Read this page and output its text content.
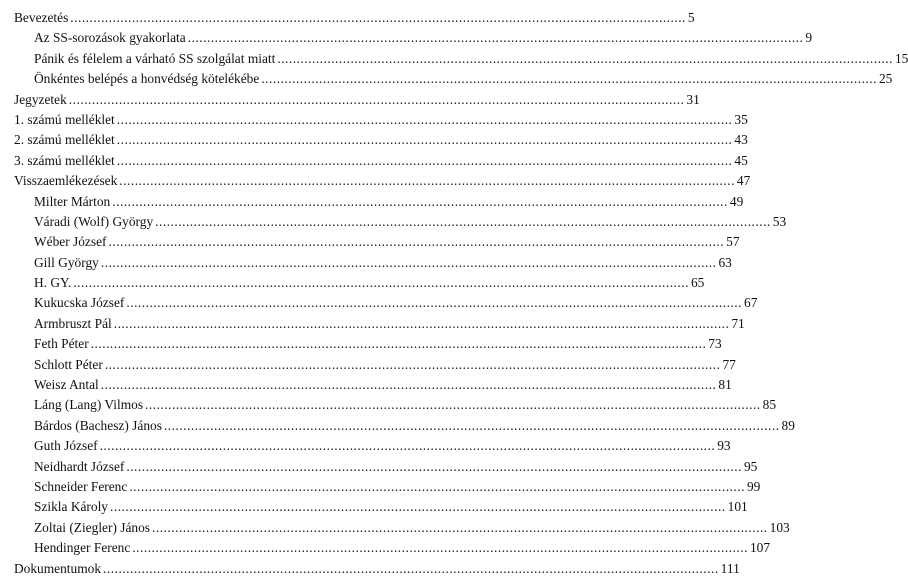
Bevezetés ................................................................................................................................................................ 5
Az SS-sorozások gyakorlata ................................................................................................................................................................ 9
Pánik és félelem a várható SS szolgálat miatt ................................................................................................................................................................ 15
Önkéntes belépés a honvédség kötelékébe ................................................................................................................................................................ 25
Jegyzetek ................................................................................................................................................................ 31
1. számú melléklet ................................................................................................................................................................ 35
2. számú melléklet ................................................................................................................................................................ 43
3. számú melléklet ................................................................................................................................................................ 45
Visszaemlékezések ................................................................................................................................................................ 47
Milter Márton ................................................................................................................................................................ 49
Váradi (Wolf) György ................................................................................................................................................................ 53
Wéber József ................................................................................................................................................................ 57
Gill György ................................................................................................................................................................ 63
H. GY. ................................................................................................................................................................ 65
Kukucska József ................................................................................................................................................................ 67
Armbruszt Pál ................................................................................................................................................................ 71
Feth Péter ................................................................................................................................................................ 73
Schlott Péter ................................................................................................................................................................ 77
Weisz Antal ................................................................................................................................................................ 81
Láng (Lang) Vilmos ................................................................................................................................................................ 85
Bárdos (Bachesz) János ................................................................................................................................................................ 89
Guth József ................................................................................................................................................................ 93
Neidhardt József ................................................................................................................................................................ 95
Schneider Ferenc ................................................................................................................................................................ 99
Szikla Károly ................................................................................................................................................................ 101
Zoltai (Ziegler) János ................................................................................................................................................................ 103
Hendinger Ferenc ................................................................................................................................................................ 107
Dokumentumok ................................................................................................................................................................ 111
